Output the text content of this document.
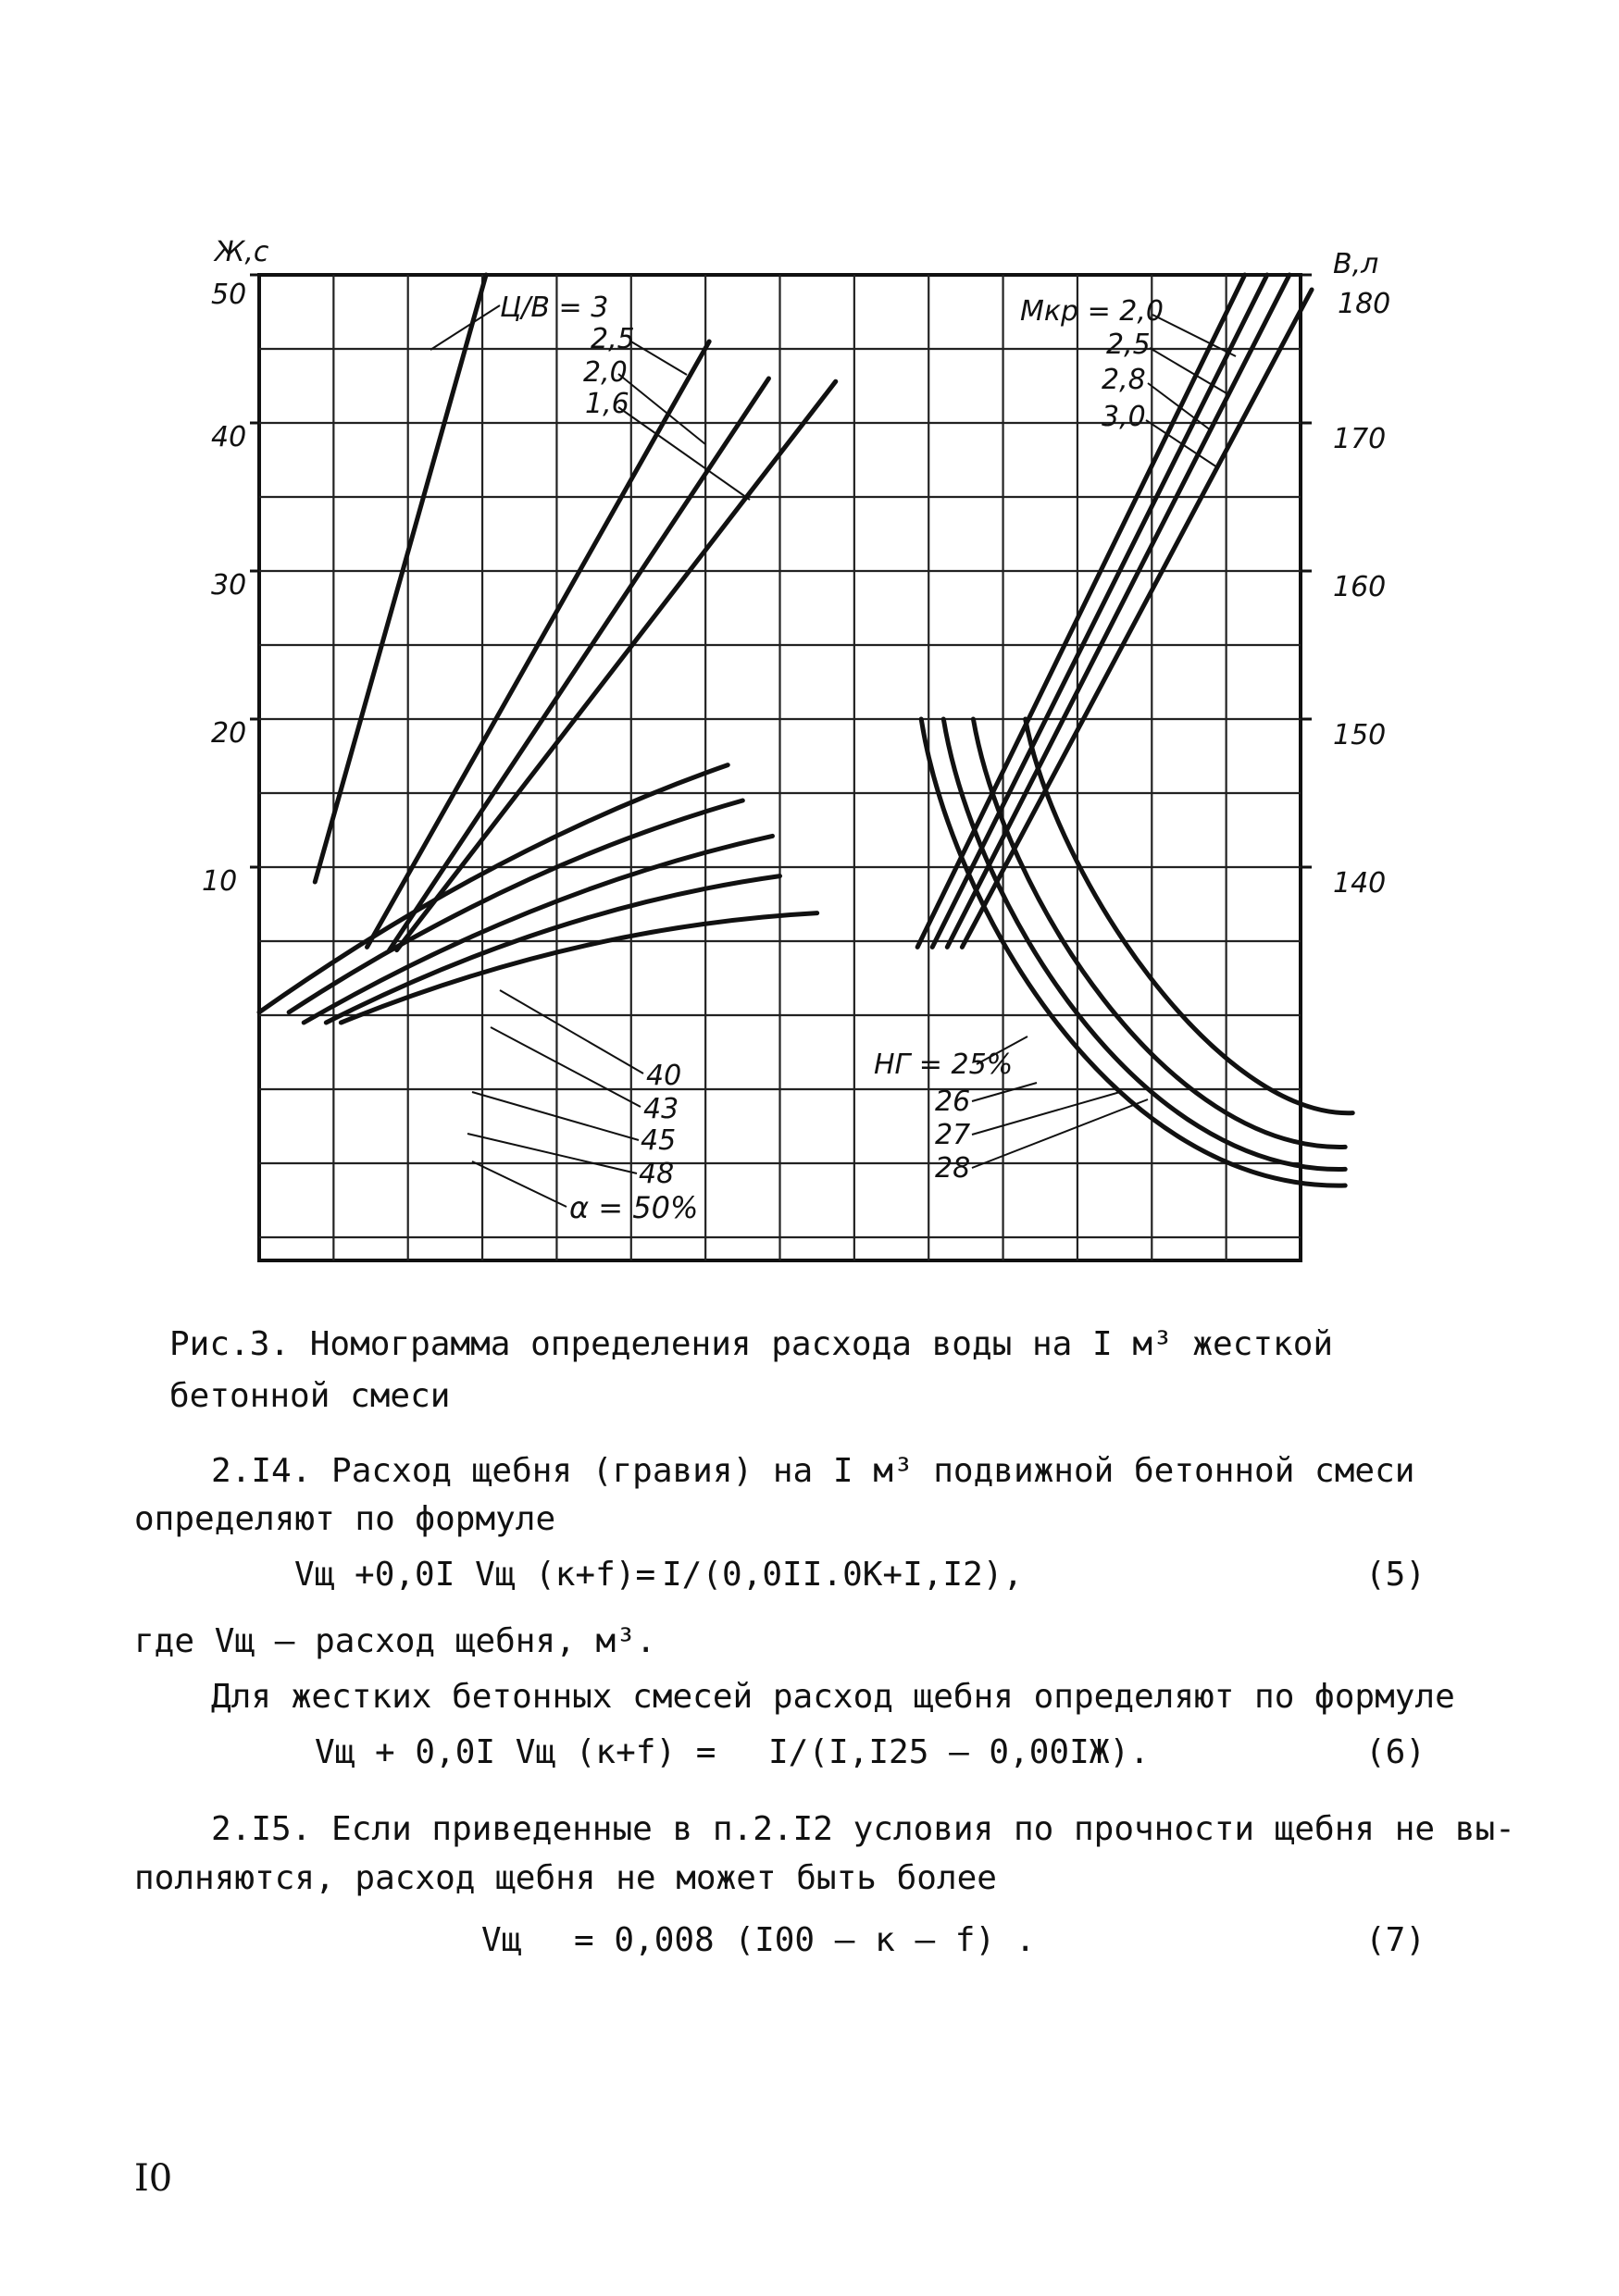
Ж,с	В,л
50
40
30
20
10
180
170
160
150
140
Ц/В = 3
2,5
2,0
1,6
Мкр = 2,0
2,5
2,8
3,0
40
43
45
48
α = 50%
НГ = 25%
26
27
28
Рис.3. Номограмма определения расхода воды на I м³ жесткой бетонной смеси
2.I4. Расход щебня (гравия) на I м³ подвижной бетонной смеси
определяют по формуле
Vщ +0,0I Vщ (к+f)= I/(0,0II.0К+I,I2),	(5)
где Vщ – расход щебня, м³.
Для жестких бетонных смесей расход щебня определяют по формуле
Vщ + 0,0I Vщ (к+f) = I/(I,I25 – 0,00IЖ).	(6)
2.I5. Если приведенные в п.2.I2 условия по прочности щебня не вы-
полняются, расход щебня не может быть более
Vщ = 0,008 (I00 – к – f) .	(7)
I0
